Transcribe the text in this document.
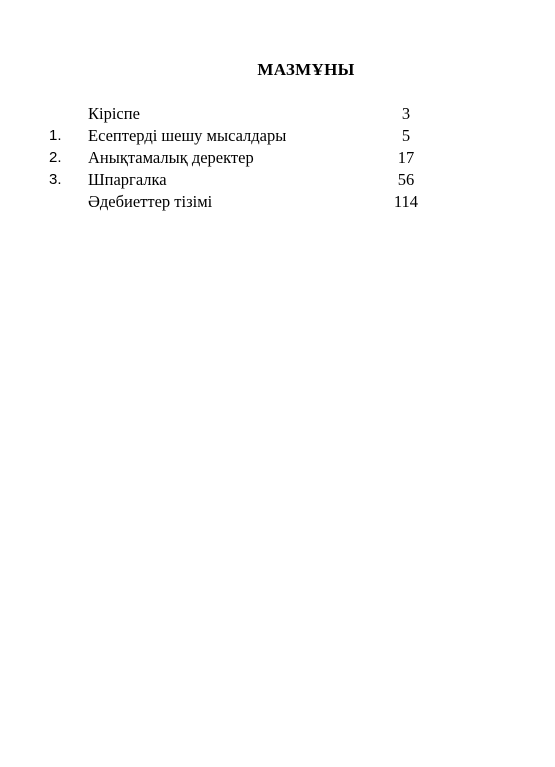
МАЗМҰНЫ
Кіріспе	3
1. Есептерді шешу мысалдары	5
2. Анықтамалық деректер	17
3. Шпаргалка	56
Әдебиеттер тізімі	114
